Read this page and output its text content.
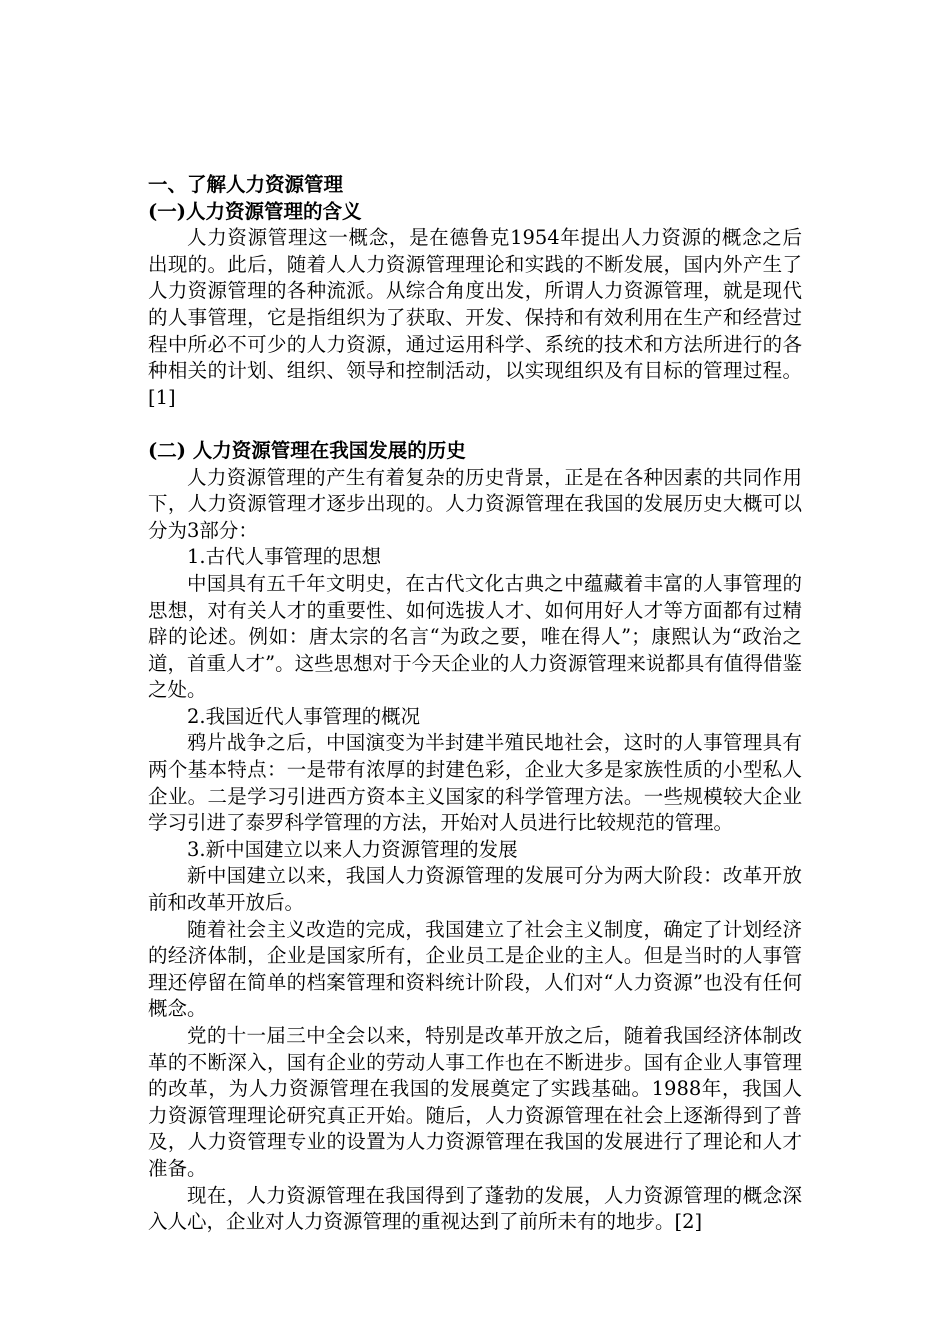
一、了解人力资源管理
(一)人力资源管理的含义
人力资源管理这一概念，是在德鲁克1954年提出人力资源的概念之后出现的。此后，随着人人力资源管理理论和实践的不断发展，国内外产生了人力资源管理的各种流派。从综合角度出发，所谓人力资源管理，就是现代的人事管理，它是指组织为了获取、开发、保持和有效利用在生产和经营过程中所必不可少的人力资源，通过运用科学、系统的技术和方法所进行的各种相关的计划、组织、领导和控制活动，以实现组织及有目标的管理过程。[1]
(二) 人力资源管理在我国发展的历史
人力资源管理的产生有着复杂的历史背景，正是在各种因素的共同作用下，人力资源管理才逐步出现的。人力资源管理在我国的发展历史大概可以分为3部分：
1.古代人事管理的思想
中国具有五千年文明史，在古代文化古典之中蕴藏着丰富的人事管理的思想，对有关人才的重要性、如何选拔人才、如何用好人才等方面都有过精辟的论述。例如：唐太宗的名言“为政之要，唯在得人”；康熙认为“政治之道，首重人才”。这些思想对于今天企业的人力资源管理来说都具有值得借鉴之处。
2.我国近代人事管理的概况
鸦片战争之后，中国演变为半封建半殖民地社会，这时的人事管理具有两个基本特点：一是带有浓厚的封建色彩，企业大多是家族性质的小型私人企业。二是学习引进西方资本主义国家的科学管理方法。一些规模较大企业学习引进了泰罗科学管理的方法，开始对人员进行比较规范的管理。
3.新中国建立以来人力资源管理的发展
新中国建立以来，我国人力资源管理的发展可分为两大阶段：改革开放前和改革开放后。
随着社会主义改造的完成，我国建立了社会主义制度，确定了计划经济的经济体制，企业是国家所有，企业员工是企业的主人。但是当时的人事管理还停留在简单的档案管理和资料统计阶段，人们对“人力资源”也没有任何概念。
党的十一届三中全会以来，特别是改革开放之后，随着我国经济体制改革的不断深入，国有企业的劳动人事工作也在不断进步。国有企业人事管理的改革，为人力资源管理在我国的发展奠定了实践基础。1988年，我国人力资源管理理论研究真正开始。随后，人力资源管理在社会上逐渐得到了普及，人力资管理专业的设置为人力资源管理在我国的发展进行了理论和人才准备。
现在，人力资源管理在我国得到了蓬勃的发展，人力资源管理的概念深入人心，企业对人力资源管理的重视达到了前所未有的地步。[2]
